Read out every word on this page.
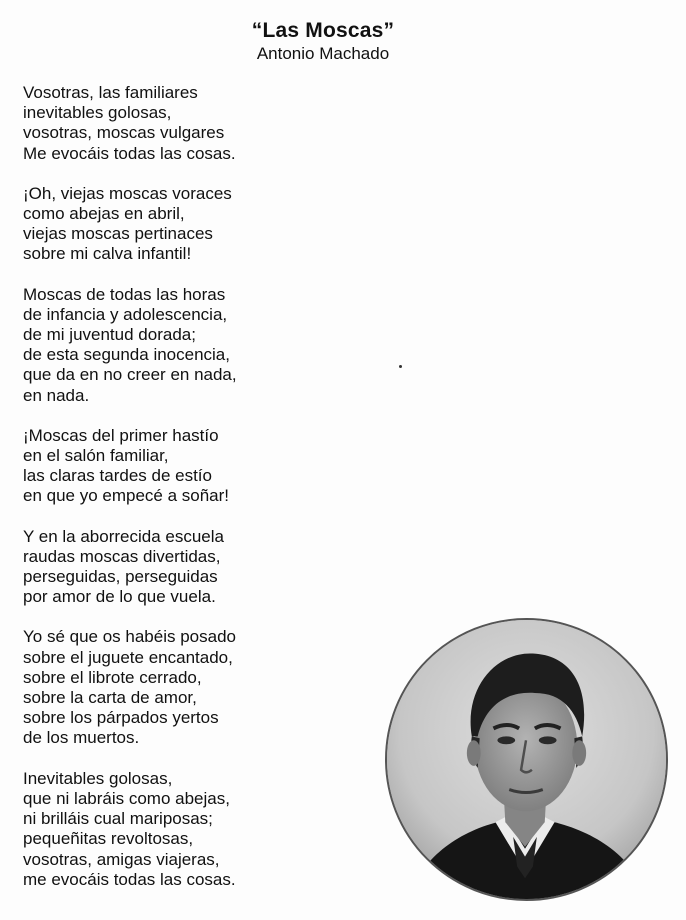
“Las Moscas”
Antonio Machado
Vosotras, las familiares
inevitables golosas,
vosotras, moscas vulgares
Me evocáis todas las cosas.
¡Oh, viejas moscas voraces
como abejas en abril,
viejas moscas pertinaces
sobre mi calva infantil!
Moscas de todas las horas
de infancia y adolescencia,
de mi juventud dorada;
de esta segunda inocencia,
que da en no creer en nada,
en nada.
¡Moscas del primer hastío
en el salón familiar,
las claras tardes de estío
en que yo empecé a soñar!
Y en la aborrecida escuela
raudas moscas divertidas,
perseguidas, perseguidas
por amor de lo que vuela.
Yo sé que os habéis posado
sobre el juguete encantado,
sobre el librote cerrado,
sobre la carta de amor,
sobre los párpados yertos
de los muertos.
Inevitables golosas,
que ni labráis como abejas,
ni brilláis cual mariposas;
pequeñitas revoltosas,
vosotras, amigas viajeras,
me evocáis todas las cosas.
